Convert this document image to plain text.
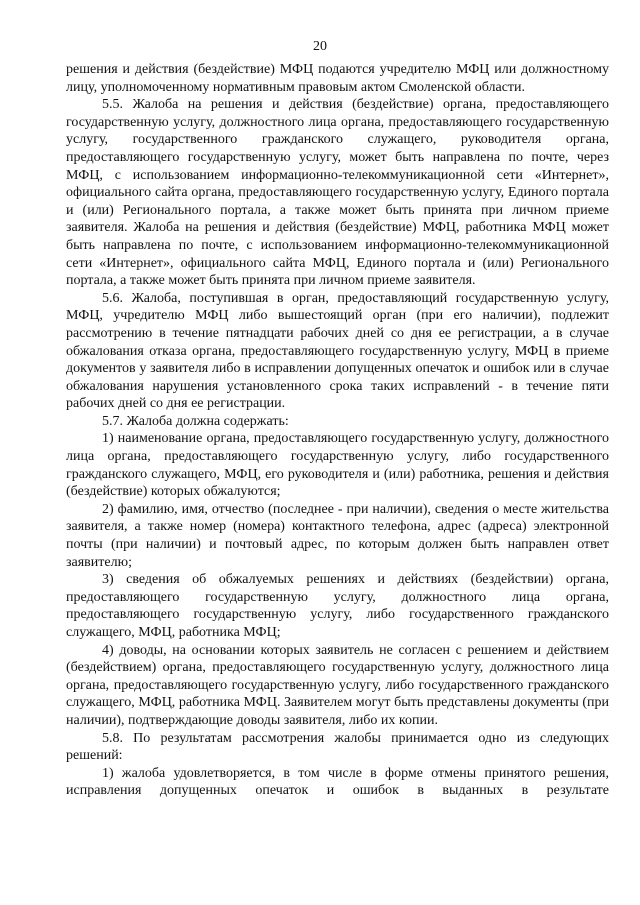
20

решения и действия (бездействие) МФЦ подаются учредителю МФЦ или должностному лицу, уполномоченному нормативным правовым актом Смоленской области.

5.5. Жалоба на решения и действия (бездействие) органа, предоставляющего государственную услугу, должностного лица органа, предоставляющего государственную услугу, государственного гражданского служащего, руководителя органа, предоставляющего государственную услугу, может быть направлена по почте, через МФЦ, с использованием информационно-телекоммуникационной сети «Интернет», официального сайта органа, предоставляющего государственную услугу, Единого портала и (или) Регионального портала, а также может быть принята при личном приеме заявителя. Жалоба на решения и действия (бездействие) МФЦ, работника МФЦ может быть направлена по почте, с использованием информационно-телекоммуникационной сети «Интернет», официального сайта МФЦ, Единого портала и (или) Регионального портала, а также может быть принята при личном приеме заявителя.

5.6. Жалоба, поступившая в орган, предоставляющий государственную услугу, МФЦ, учредителю МФЦ либо вышестоящий орган (при его наличии), подлежит рассмотрению в течение пятнадцати рабочих дней со дня ее регистрации, а в случае обжалования отказа органа, предоставляющего государственную услугу, МФЦ в приеме документов у заявителя либо в исправлении допущенных опечаток и ошибок или в случае обжалования нарушения установленного срока таких исправлений - в течение пяти рабочих дней со дня ее регистрации.

5.7. Жалоба должна содержать:

1) наименование органа, предоставляющего государственную услугу, должностного лица органа, предоставляющего государственную услугу, либо государственного гражданского служащего, МФЦ, его руководителя и (или) работника, решения и действия (бездействие) которых обжалуются;

2) фамилию, имя, отчество (последнее - при наличии), сведения о месте жительства заявителя, а также номер (номера) контактного телефона, адрес (адреса) электронной почты (при наличии) и почтовый адрес, по которым должен быть направлен ответ заявителю;

3) сведения об обжалуемых решениях и действиях (бездействии) органа, предоставляющего государственную услугу, должностного лица органа, предоставляющего государственную услугу, либо государственного гражданского служащего, МФЦ, работника МФЦ;

4) доводы, на основании которых заявитель не согласен с решением и действием (бездействием) органа, предоставляющего государственную услугу, должностного лица органа, предоставляющего государственную услугу, либо государственного гражданского служащего, МФЦ, работника МФЦ. Заявителем могут быть представлены документы (при наличии), подтверждающие доводы заявителя, либо их копии.

5.8. По результатам рассмотрения жалобы принимается одно из следующих решений:

1) жалоба удовлетворяется, в том числе в форме отмены принятого решения, исправления допущенных опечаток и ошибок в выданных в результате
